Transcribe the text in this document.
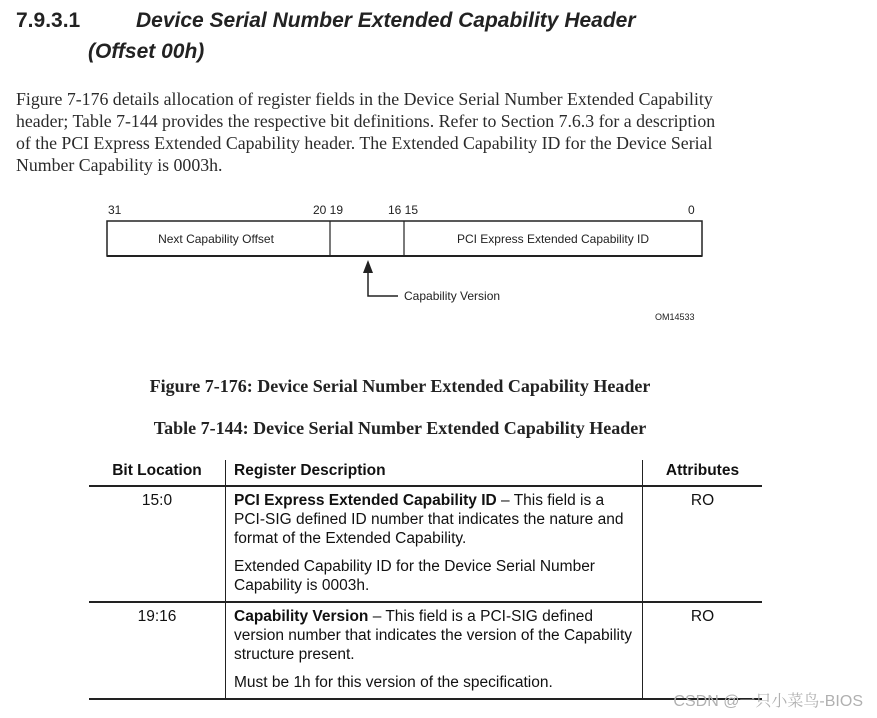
7.9.3.1	Device Serial Number Extended Capability Header
(Offset 00h)
Figure 7-176 details allocation of register fields in the Device Serial Number Extended Capability
header; Table 7-144 provides the respective bit definitions. Refer to Section 7.6.3 for a description
of the PCI Express Extended Capability header. The Extended Capability ID for the Device Serial
Number Capability is 0003h.
31	20 19	16 15	0
Next Capability Offset	PCI Express Extended Capability ID
Capability Version
OM14533
Figure 7-176: Device Serial Number Extended Capability Header
Table 7-144: Device Serial Number Extended Capability Header
Bit Location	Register Description	Attributes
15:0	PCI Express Extended Capability ID – This field is a PCI-SIG defined ID number that indicates the nature and format of the Extended Capability.

Extended Capability ID for the Device Serial Number Capability is 0003h.	RO
19:16	Capability Version – This field is a PCI-SIG defined version number that indicates the version of the Capability structure present.

Must be 1h for this version of the specification.	RO
CSDN @一只小菜鸟-BIOS
